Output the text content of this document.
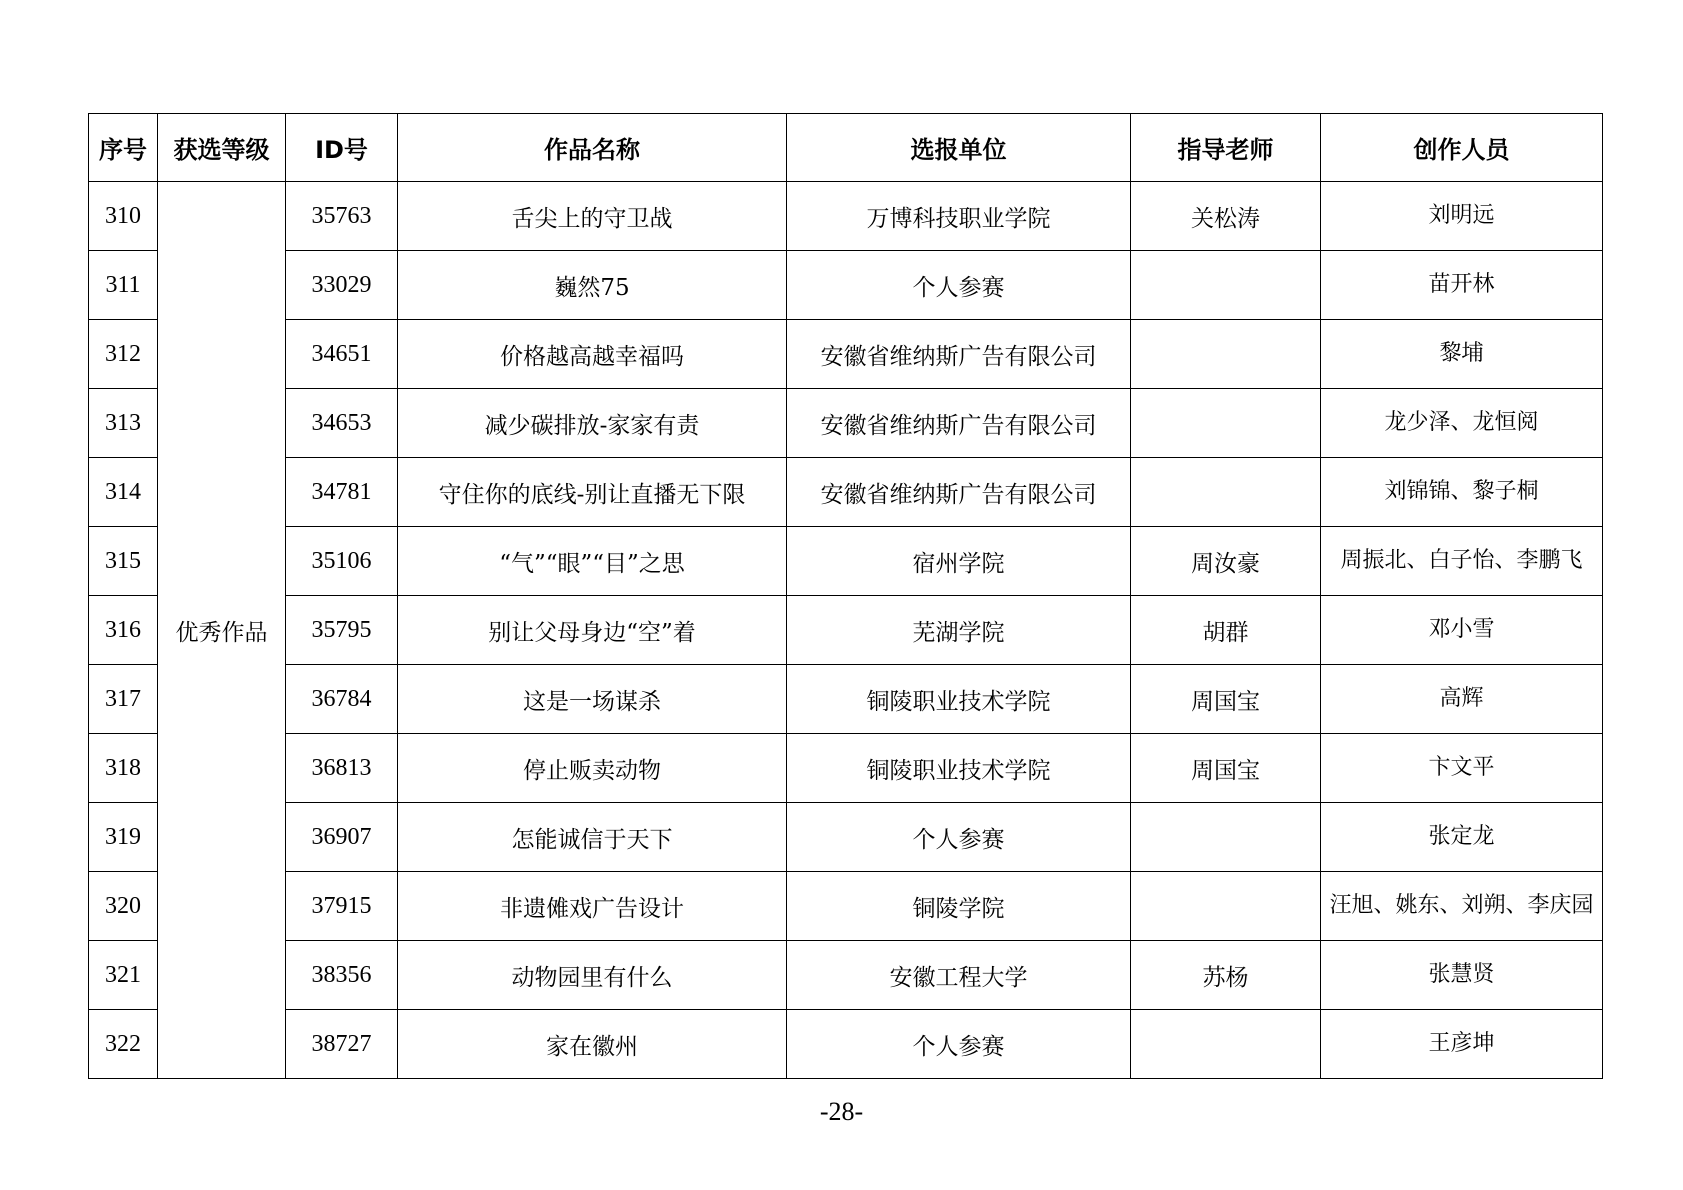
序号	获选等级	ID号	作品名称	选报单位	指导老师	创作人员
310	优秀作品	35763	舌尖上的守卫战	万博科技职业学院	关松涛	刘明远
311		33029	巍然75	个人参赛		苗开林
312		34651	价格越高越幸福吗	安徽省维纳斯广告有限公司		黎埔
313		34653	减少碳排放-家家有责	安徽省维纳斯广告有限公司		龙少泽、龙恒阅
314		34781	守住你的底线-别让直播无下限	安徽省维纳斯广告有限公司		刘锦锦、黎子桐
315		35106	“气”“眼”“目”之思	宿州学院	周汝豪	周振北、白子怡、李鹏飞
316		35795	别让父母身边“空”着	芜湖学院	胡群	邓小雪
317		36784	这是一场谋杀	铜陵职业技术学院	周国宝	高辉
318		36813	停止贩卖动物	铜陵职业技术学院	周国宝	卞文平
319		36907	怎能诚信于天下	个人参赛		张定龙
320		37915	非遗傩戏广告设计	铜陵学院		汪旭、姚东、刘朔、李庆园
321		38356	动物园里有什么	安徽工程大学	苏杨	张慧贤
322		38727	家在徽州	个人参赛		王彦坤
-28-
